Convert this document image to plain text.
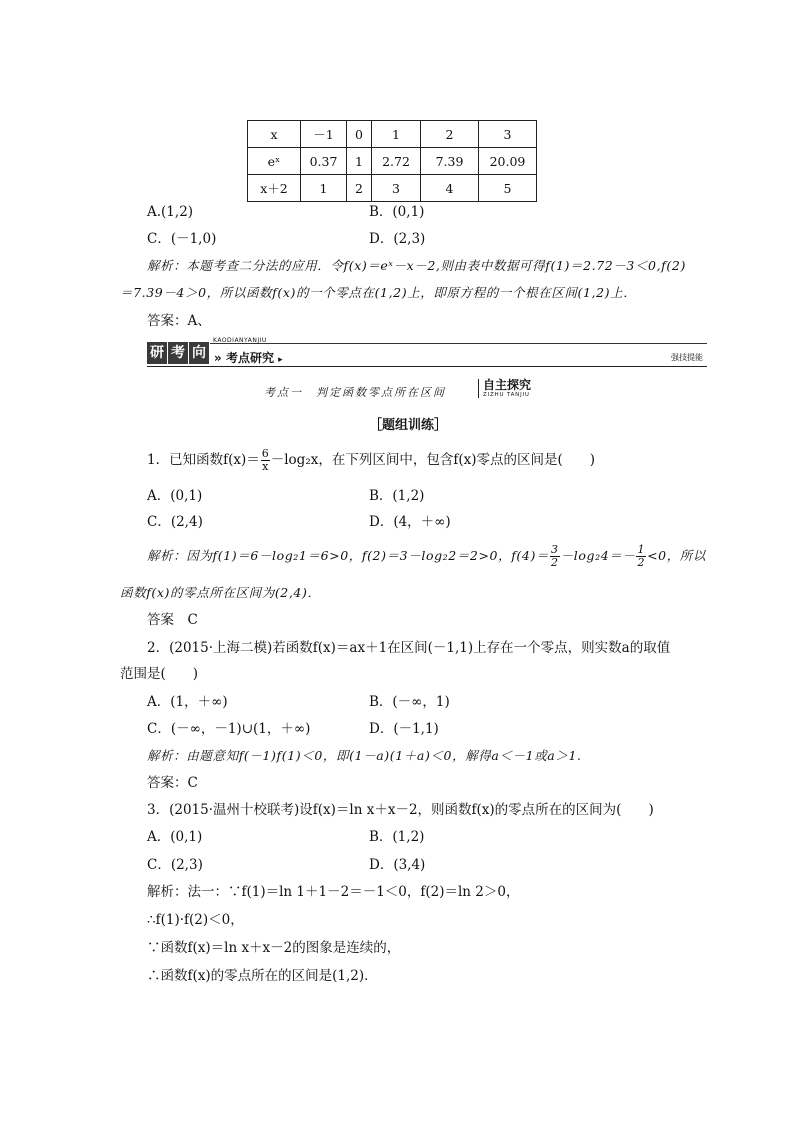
x	－1	0	1	2	3
eˣ	0.37	1	2.72	7.39	20.09
x＋2	1	2	3	4	5
A.(1,2)	B．(0,1)
C．(－1,0)	D．(2,3)
解析：本题考查二分法的应用．令f(x)＝eˣ－x－2,则由表中数据可得f(1)＝2.72－3＜0,f(2)
＝7.39－4＞0，所以函数f(x)的一个零点在(1,2)上，即原方程的一个根在区间(1,2)上．
答案：A、
研 考 向
KAODIANYANJIU
» 考点研究 ▸	强技提能
考点一　判定函数零点所在区间
自主探究
ZIZHU TANJIU
［题组训练］
1．已知函数$f(x)= \frac{6}{x} -\log_2x$，在下列区间中，包含f(x)零点的区间是(　　)
A．(0,1)	B．(1,2)
C．(2,4)	D．(4，＋∞)
解析：因为f(1)＝6－log₂1＝6>0，f(2)＝3－log₂2＝2>0，$f(4)= \frac{3}{2} -\log_24=- \frac{1}{2} <0$，所以
函数f(x)的零点所在区间为(2,4)．
答案　C
2．(2015·上海二模)若函数f(x)＝ax＋1在区间(－1,1)上存在一个零点，则实数a的取值
范围是(　　)
A．(1，＋∞)	B．(－∞，1)
C．(－∞，－1)∪(1，＋∞)	D．(－1,1)
解析：由题意知f(－1)f(1)＜0，即(1－a)(1＋a)＜0，解得a＜－1或a＞1.
答案：C
3．(2015·温州十校联考)设f(x)＝ln x＋x－2，则函数f(x)的零点所在的区间为(　　)
A．(0,1)	B．(1,2)
C．(2,3)	D．(3,4)
解析：法一：∵f(1)＝ln 1＋1－2＝－1＜0，f(2)＝ln 2＞0，
∴f(1)·f(2)＜0，
∵函数f(x)＝ln x＋x－2的图象是连续的，
∴函数f(x)的零点所在的区间是(1,2)．
